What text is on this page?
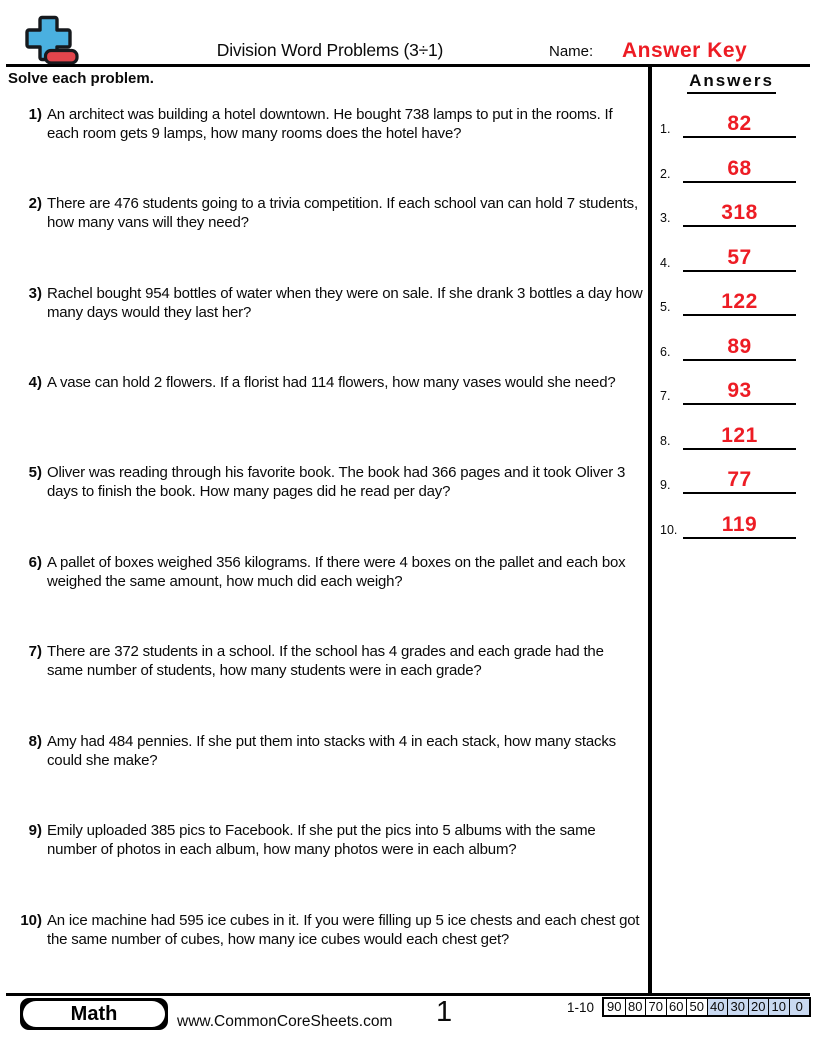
Division Word Problems (3÷1)	Name: Answer Key
Solve each problem.
1) An architect was building a hotel downtown. He bought 738 lamps to put in the rooms. If each room gets 9 lamps, how many rooms does the hotel have?
2) There are 476 students going to a trivia competition. If each school van can hold 7 students, how many vans will they need?
3) Rachel bought 954 bottles of water when they were on sale. If she drank 3 bottles a day how many days would they last her?
4) A vase can hold 2 flowers. If a florist had 114 flowers, how many vases would she need?
5) Oliver was reading through his favorite book. The book had 366 pages and it took Oliver 3 days to finish the book. How many pages did he read per day?
6) A pallet of boxes weighed 356 kilograms. If there were 4 boxes on the pallet and each box weighed the same amount, how much did each weigh?
7) There are 372 students in a school. If the school has 4 grades and each grade had the same number of students, how many students were in each grade?
8) Amy had 484 pennies. If she put them into stacks with 4 in each stack, how many stacks could she make?
9) Emily uploaded 385 pics to Facebook. If she put the pics into 5 albums with the same number of photos in each album, how many photos were in each album?
10) An ice machine had 595 ice cubes in it. If you were filling up 5 ice chests and each chest got the same number of cubes, how many ice cubes would each chest get?
Answers
1.	82
2.	68
3.	318
4.	57
5.	122
6.	89
7.	93
8.	121
9.	77
10.	119
Math	www.CommonCoreSheets.com 1	1-10 90 80 70 60 50 40 30 20 10 0
